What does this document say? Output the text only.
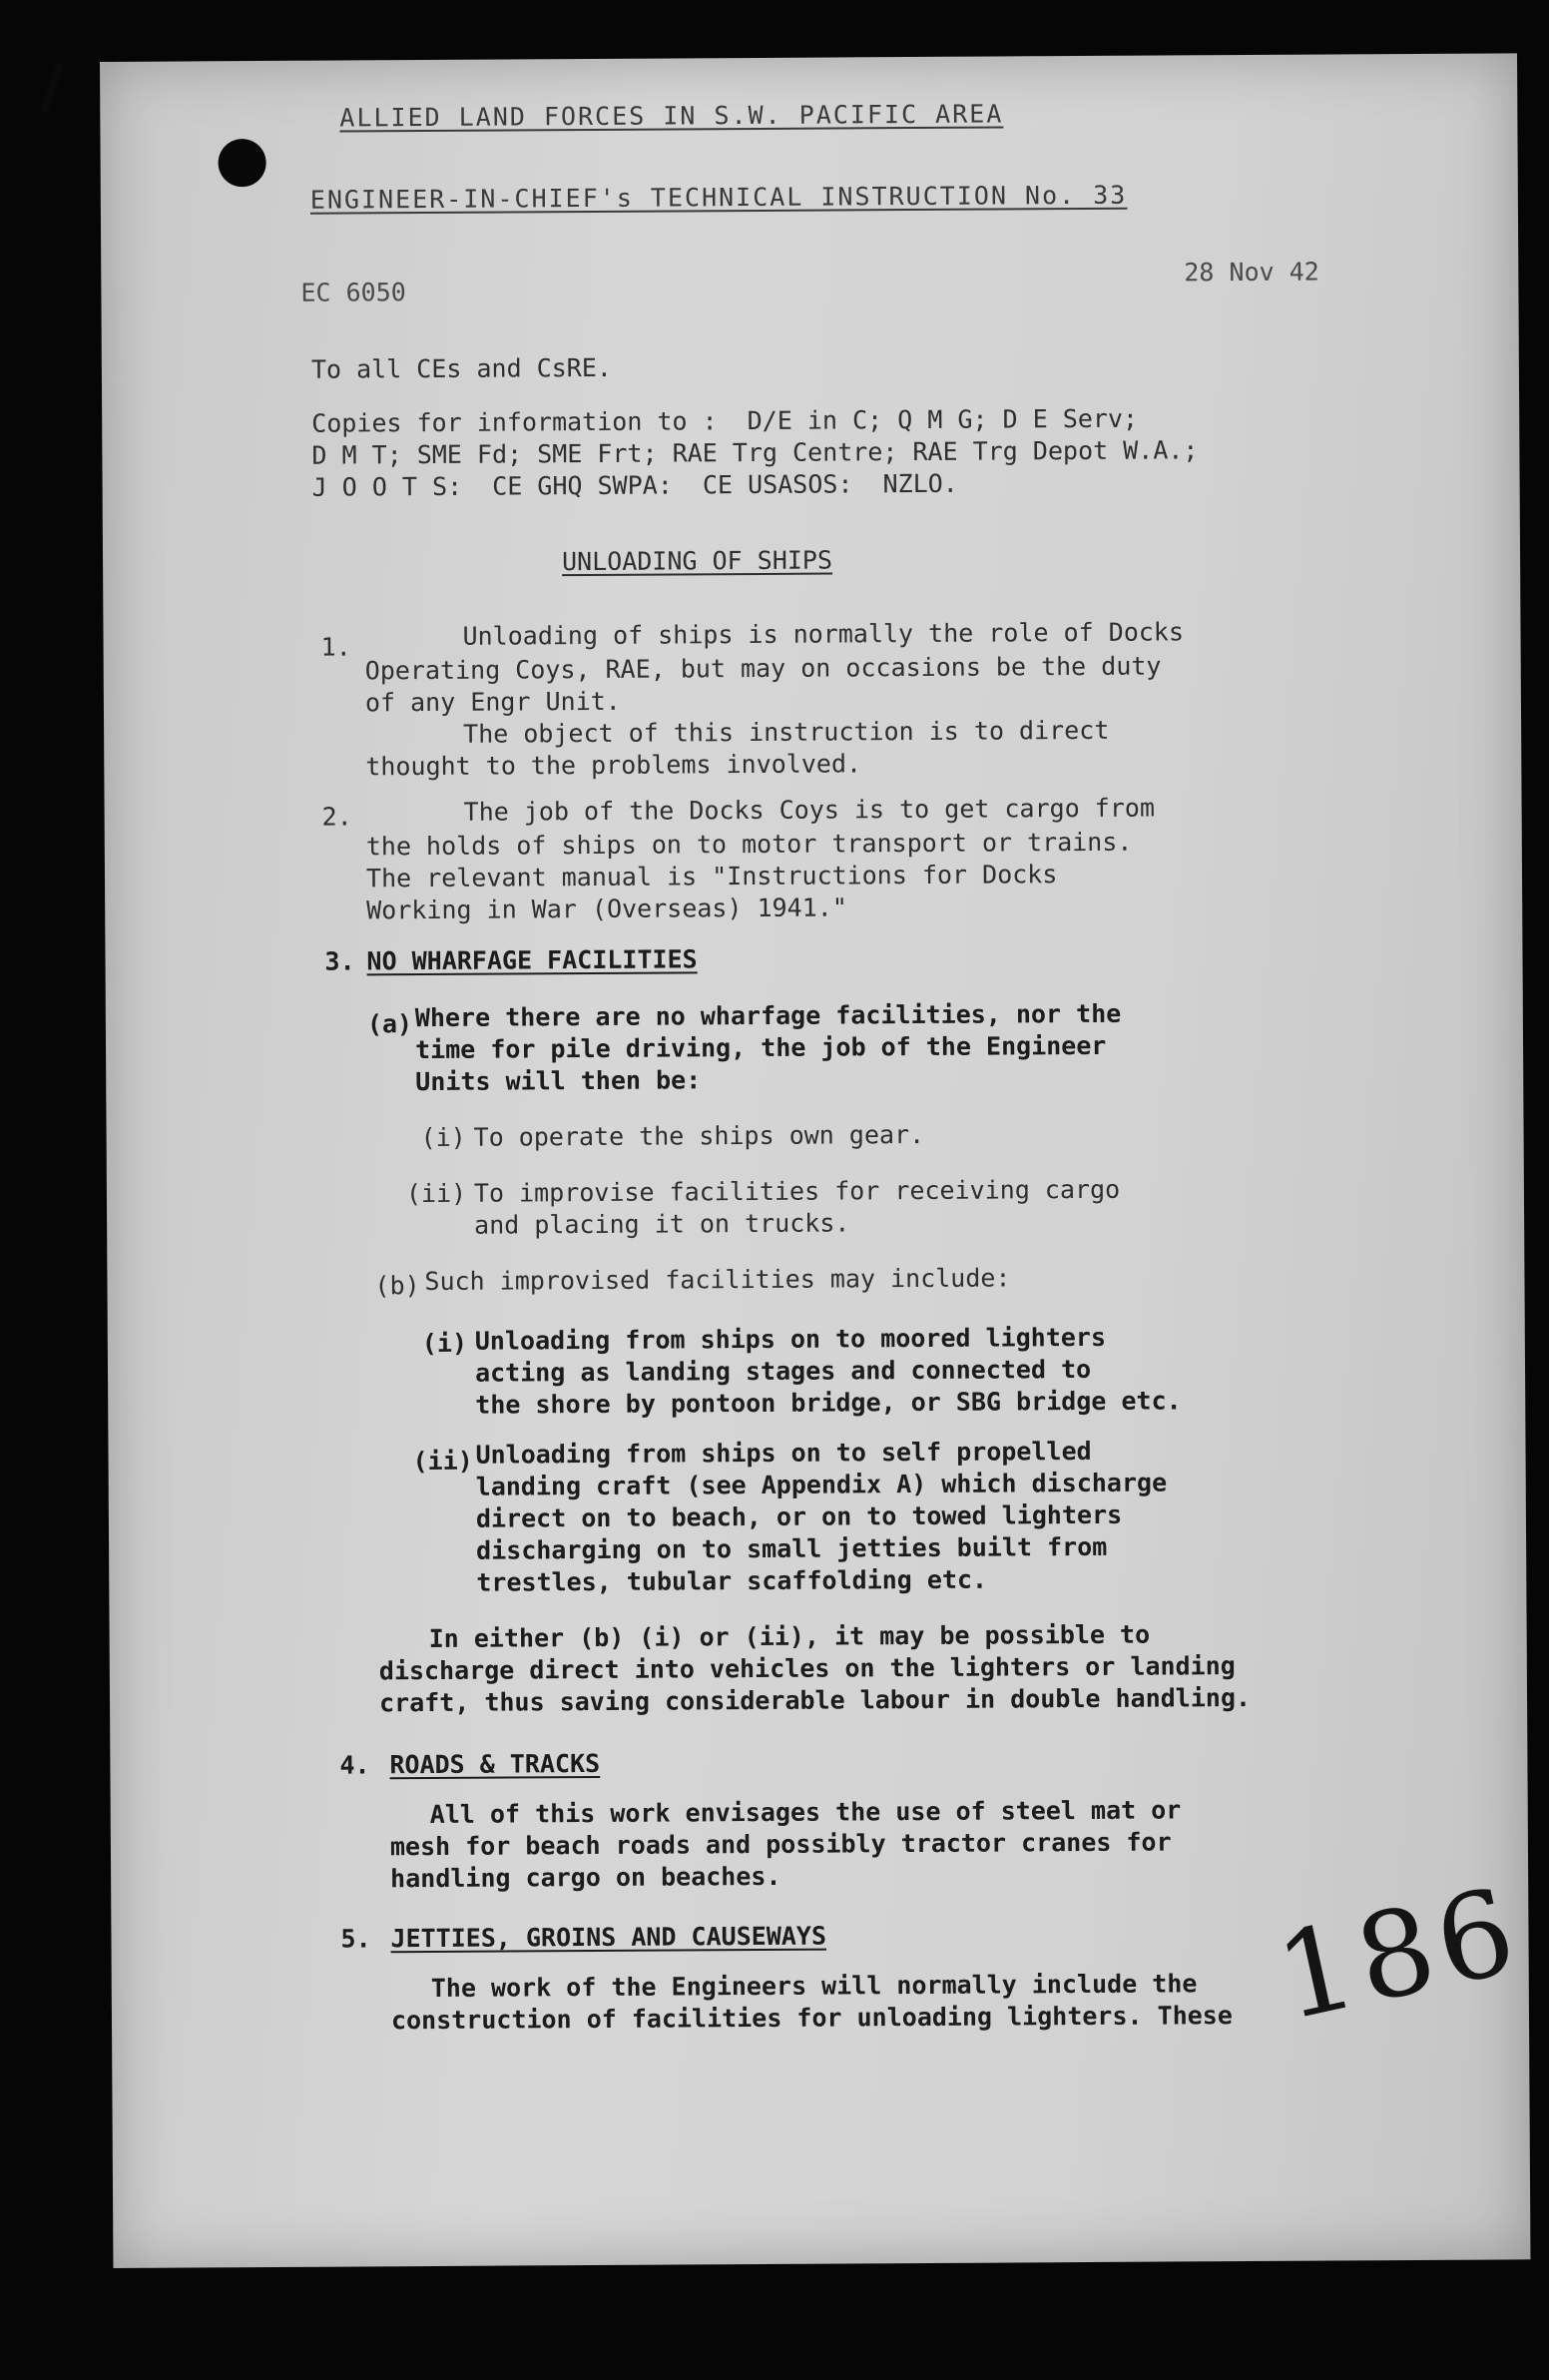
ALLIED LAND FORCES IN S.W. PACIFIC AREA
ENGINEER-IN-CHIEF's TECHNICAL INSTRUCTION No. 33
EC 6050
28 Nov 42
To all CEs and CsRE.
Copies for information to :  D/E in C; Q M G; D E Serv;
D M T; SME Fd; SME Frt; RAE Trg Centre; RAE Trg Depot W.A.;
J O O T S:  CE GHQ SWPA:  CE USASOS:  NZLO.
UNLOADING OF SHIPS
1.	Unloading of ships is normally the role of Docks
Operating Coys, RAE, but may on occasions be the duty
of any Engr Unit.
The object of this instruction is to direct
thought to the problems involved.
2.	The job of the Docks Coys is to get cargo from
the holds of ships on to motor transport or trains.
The relevant manual is "Instructions for Docks
Working in War (Overseas) 1941."
3. NO WHARFAGE FACILITIES
(a) Where there are no wharfage facilities, nor the
time for pile driving, the job of the Engineer
Units will then be:
(i) To operate the ships own gear.
(ii) To improvise facilities for receiving cargo
and placing it on trucks.
(b) Such improvised facilities may include:
(i) Unloading from ships on to moored lighters
acting as landing stages and connected to
the shore by pontoon bridge, or SBG bridge etc.
(ii) Unloading from ships on to self propelled
landing craft (see Appendix A) which discharge
direct on to beach, or on to towed lighters
discharging on to small jetties built from
trestles, tubular scaffolding etc.
In either (b) (i) or (ii), it may be possible to
discharge direct into vehicles on the lighters or landing
craft, thus saving considerable labour in double handling.
4. ROADS & TRACKS
All of this work envisages the use of steel mat or
mesh for beach roads and possibly tractor cranes for
handling cargo on beaches.
5. JETTIES, GROINS AND CAUSEWAYS
The work of the Engineers will normally include the
construction of facilities for unloading lighters. These 186
